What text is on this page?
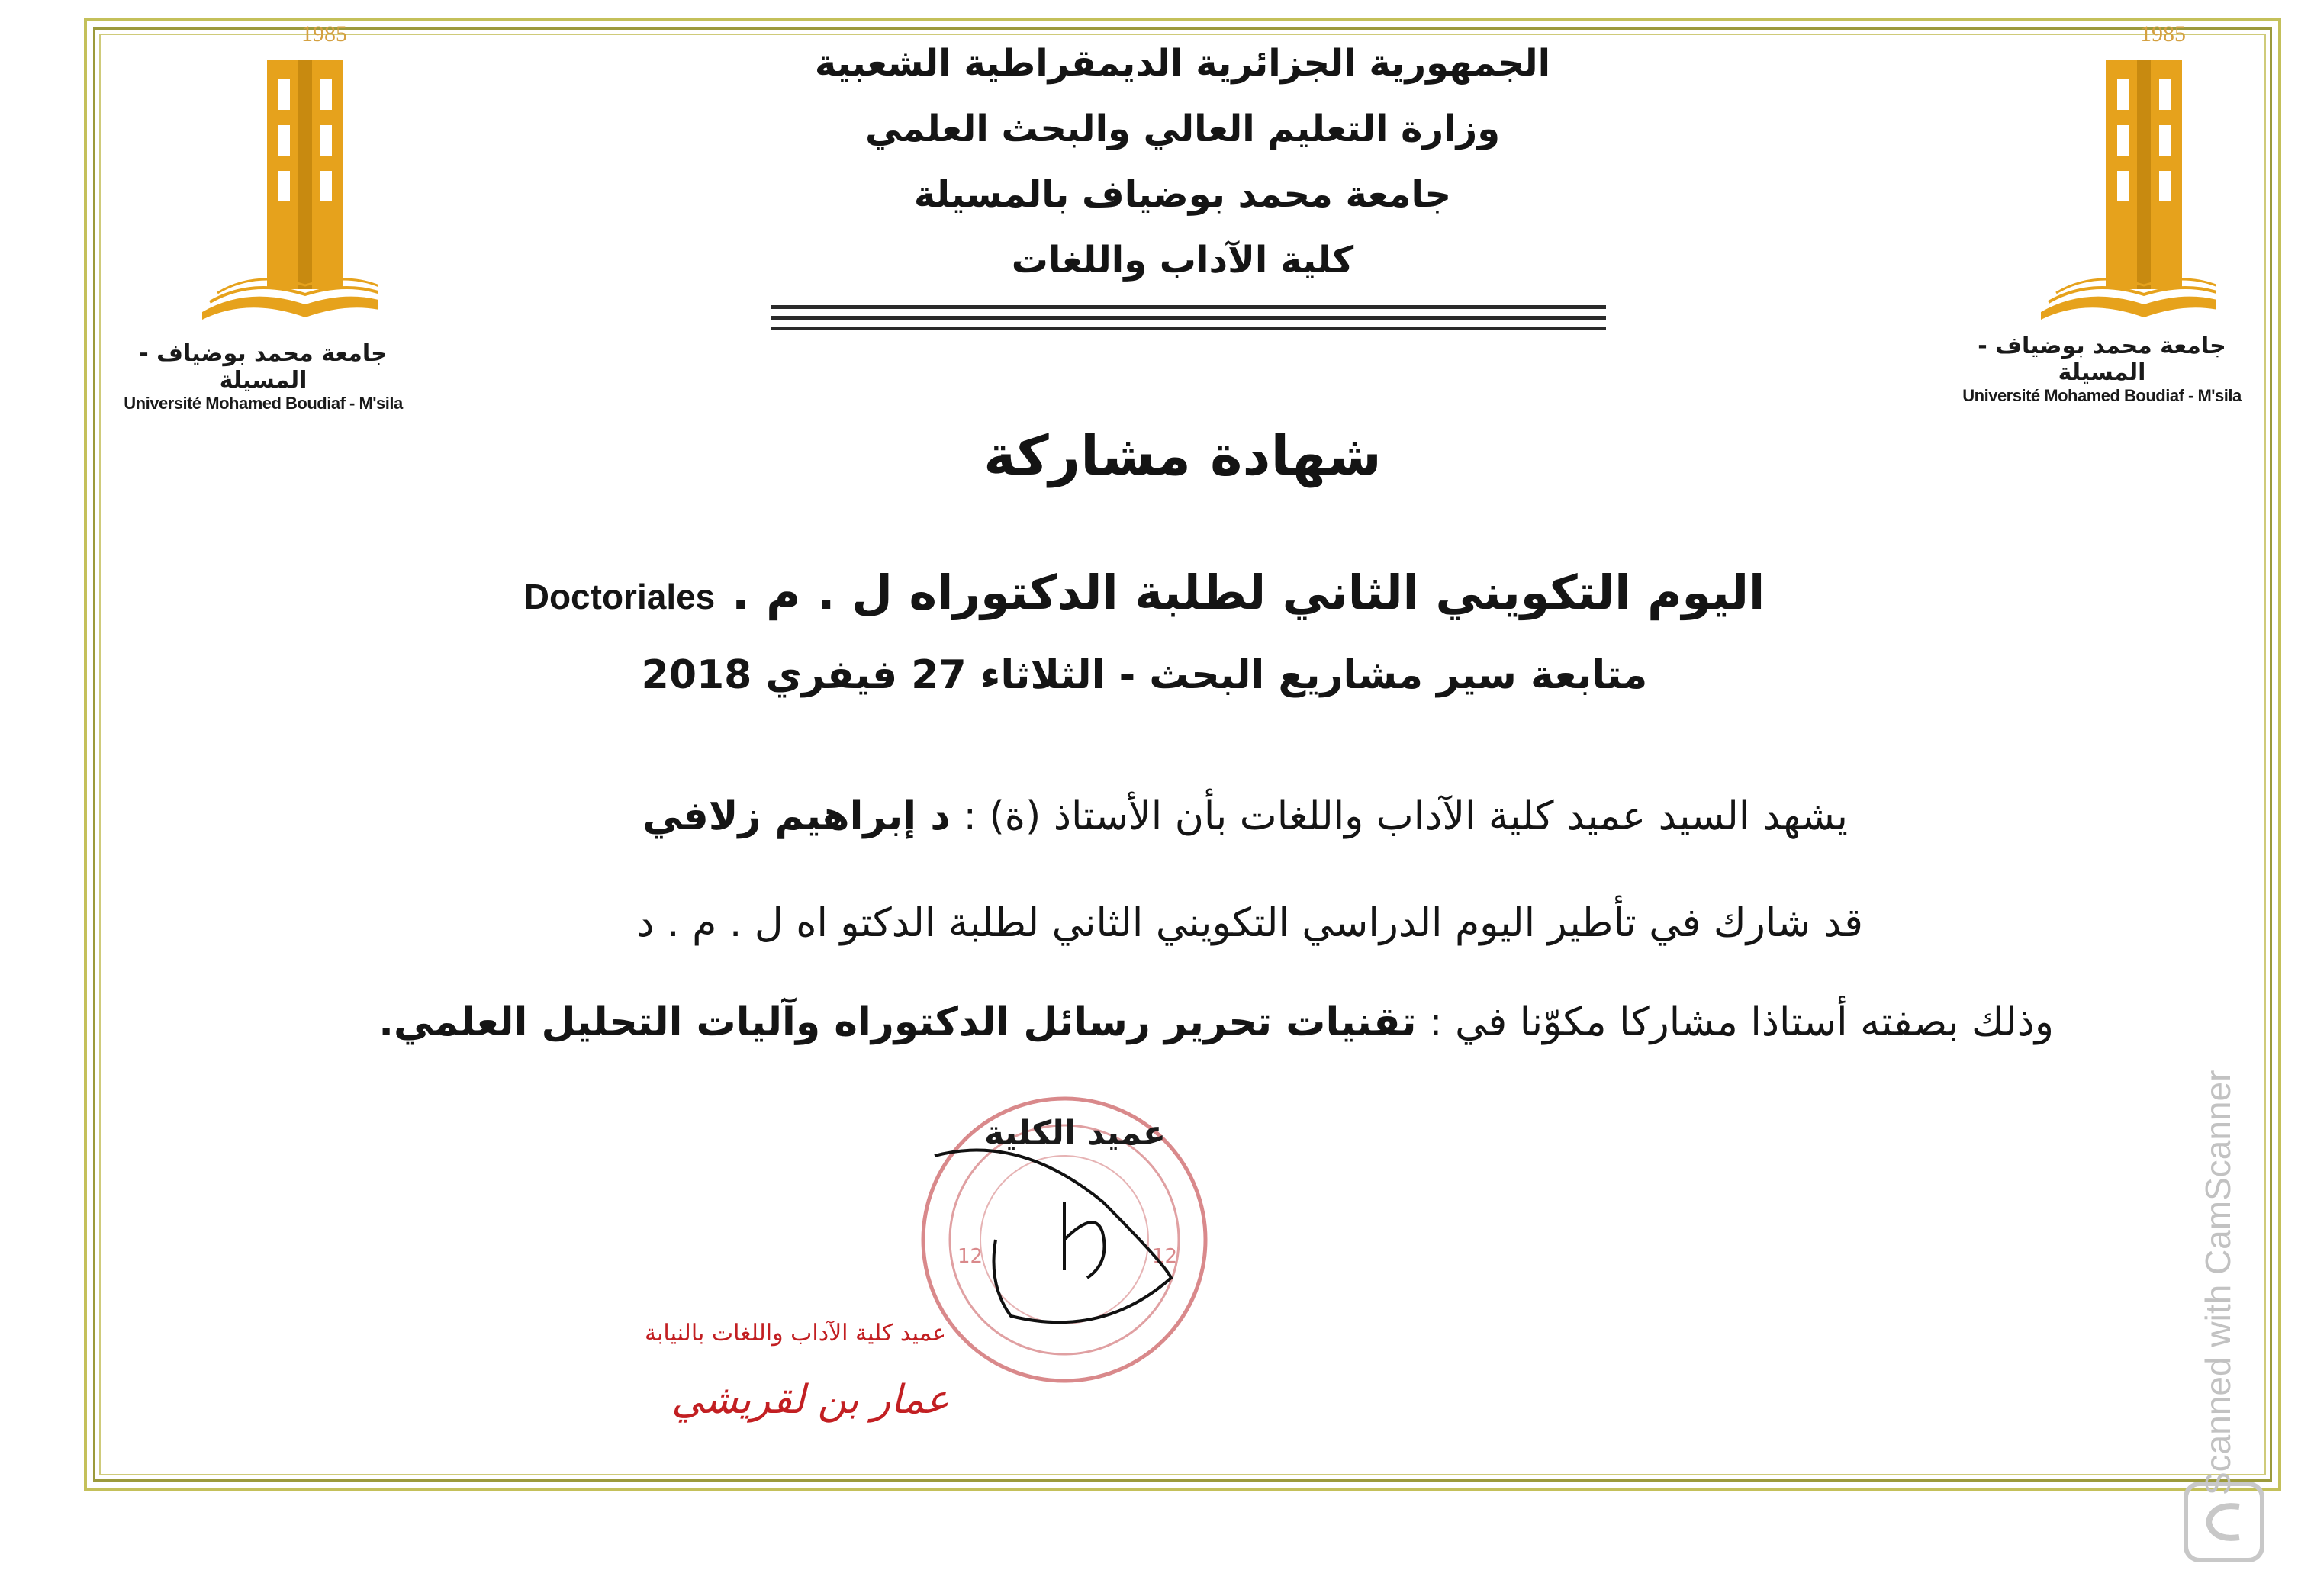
1985
جامعة محمد بوضياف - المسيلة
Université Mohamed Boudiaf - M'sila
1985
جامعة محمد بوضياف - المسيلة
Université Mohamed Boudiaf - M'sila
الجمهورية الجزائرية الديمقراطية الشعبية
وزارة التعليم العالي والبحث العلمي
جامعة محمد بوضياف بالمسيلة
كلية الآداب واللغات
شهادة مشاركة
اليوم التكويني الثاني لطلبة الدكتوراه ل . م . Doctoriales
متابعة سير مشاريع البحث - الثلاثاء 27 فيفري 2018
يشهد السيد عميد كلية الآداب واللغات بأن الأستاذ (ة) : د إبراهيم زلافي
قد شارك في تأطير اليوم الدراسي التكويني الثاني لطلبة الدكتو اه ل . م . د
وذلك بصفته أستاذا مشاركا مكوّنا في : تقنيات تحرير رسائل الدكتوراه وآليات التحليل العلمي.
12	12
عميد الكلية
عميد كلية الآداب واللغات بالنيابة
عمار بن لقريشي	Scanned with CamScanner
